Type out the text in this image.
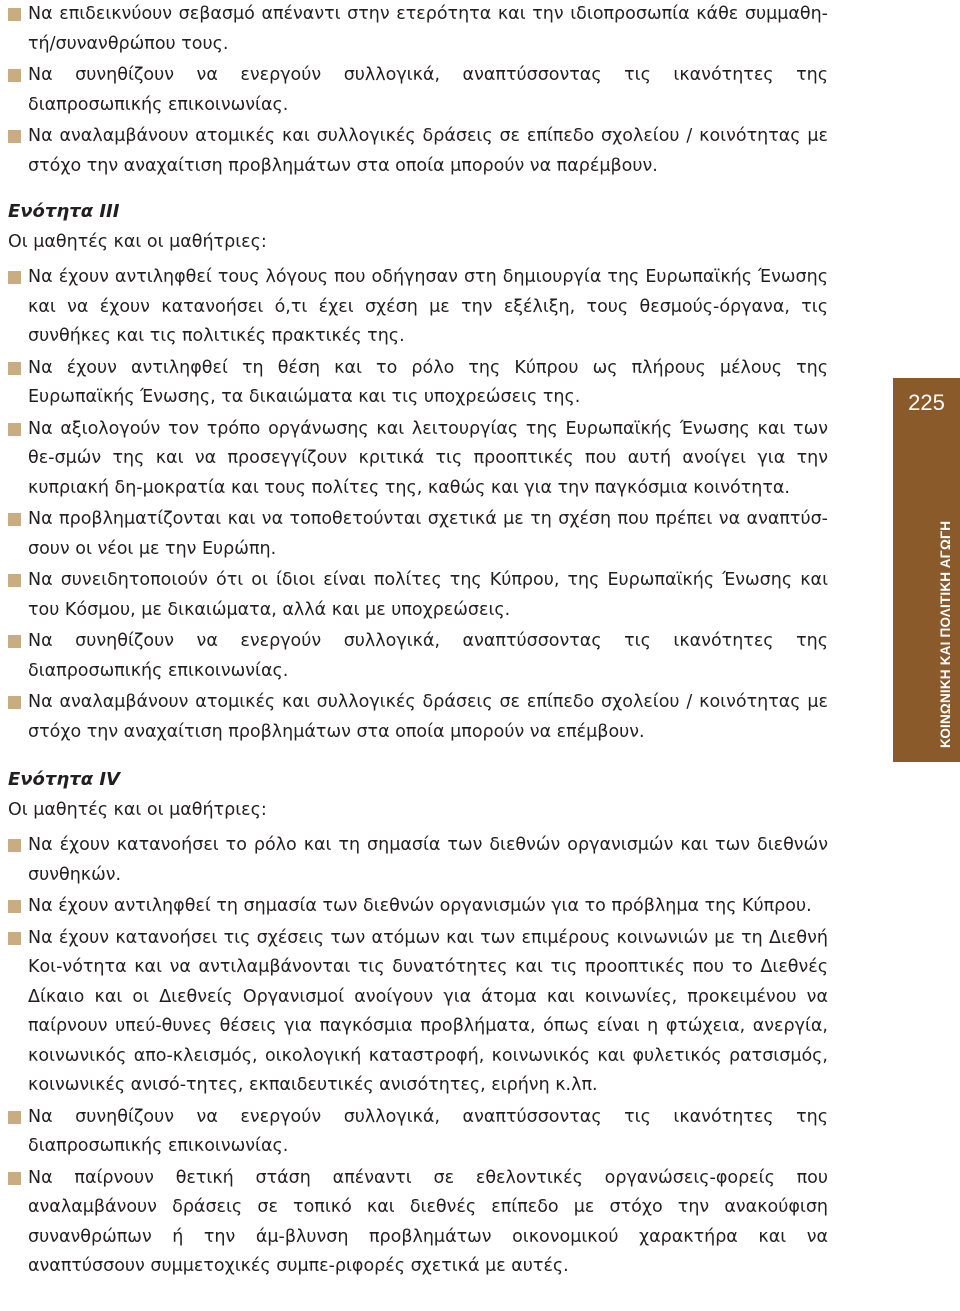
Να επιδεικνύουν σεβασμό απέναντι στην ετερότητα και την ιδιοπροσωπία κάθε συμμαθη-τή/συνανθρώπου τους.
Να συνηθίζουν να ενεργούν συλλογικά, αναπτύσσοντας τις ικανότητες της διαπροσωπικής επικοινωνίας.
Να αναλαμβάνουν ατομικές και συλλογικές δράσεις σε επίπεδο σχολείου / κοινότητας με στόχο την αναχαίτιση προβλημάτων στα οποία μπορούν να παρέμβουν.
Ενότητα ΙΙΙ

Οι μαθητές και οι μαθήτριες:

Να έχουν αντιληφθεί τους λόγους που οδήγησαν στη δημιουργία της Ευρωπαϊκής Ένωσης και να έχουν κατανοήσει ό,τι έχει σχέση με την εξέλιξη, τους θεσμούς-όργανα, τις συνθήκες και τις πολιτικές πρακτικές της.
Να έχουν αντιληφθεί τη θέση και το ρόλο της Κύπρου ως πλήρους μέλους της Ευρωπαϊκής Ένωσης, τα δικαιώματα και τις υποχρεώσεις της.
Να αξιολογούν τον τρόπο οργάνωσης και λειτουργίας της Ευρωπαϊκής Ένωσης και των θε-σμών της και να προσεγγίζουν κριτικά τις προοπτικές που αυτή ανοίγει για την κυπριακή δη-μοκρατία και τους πολίτες της, καθώς και για την παγκόσμια κοινότητα.
Να προβληματίζονται και να τοποθετούνται σχετικά με τη σχέση που πρέπει να αναπτύσ-σουν οι νέοι με την Ευρώπη.
Να συνειδητοποιούν ότι οι ίδιοι είναι πολίτες της Κύπρου, της Ευρωπαϊκής Ένωσης και του Κόσμου, με δικαιώματα, αλλά και με υποχρεώσεις.
Να συνηθίζουν να ενεργούν συλλογικά, αναπτύσσοντας τις ικανότητες της διαπροσωπικής επικοινωνίας.
Να αναλαμβάνουν ατομικές και συλλογικές δράσεις σε επίπεδο σχολείου / κοινότητας με στόχο την αναχαίτιση προβλημάτων στα οποία μπορούν να επέμβουν.
Ενότητα ΙV

Οι μαθητές και οι μαθήτριες:

Να έχουν κατανοήσει το ρόλο και τη σημασία των διεθνών οργανισμών και των διεθνών συνθηκών.
Να έχουν αντιληφθεί τη σημασία των διεθνών οργανισμών για το πρόβλημα της Κύπρου.
Να έχουν κατανοήσει τις σχέσεις των ατόμων και των επιμέρους κοινωνιών με τη Διεθνή Κοι-νότητα και να αντιλαμβάνονται τις δυνατότητες και τις προοπτικές που το Διεθνές Δίκαιο και οι Διεθνείς Οργανισμοί ανοίγουν για άτομα και κοινωνίες, προκειμένου να παίρνουν υπεύ-θυνες θέσεις για παγκόσμια προβλήματα, όπως είναι η φτώχεια, ανεργία, κοινωνικός απο-κλεισμός, οικολογική καταστροφή, κοινωνικός και φυλετικός ρατσισμός, κοινωνικές ανισό-τητες, εκπαιδευτικές ανισότητες, ειρήνη κ.λπ.
Να συνηθίζουν να ενεργούν συλλογικά, αναπτύσσοντας τις ικανότητες της διαπροσωπικής επικοινωνίας.
Να παίρνουν θετική στάση απέναντι σε εθελοντικές οργανώσεις-φορείς που αναλαμβάνουν δράσεις σε τοπικό και διεθνές επίπεδο με στόχο την ανακούφιση συνανθρώπων ή την άμ-βλυνση προβλημάτων οικονομικού χαρακτήρα και να αναπτύσσουν συμμετοχικές συμπε-ριφορές σχετικά με αυτές.
225
ΚΟΙΝΩΝΙΚΗ ΚΑΙ ΠΟΛΙΤΙΚΗ ΑΓΩΓΗ
